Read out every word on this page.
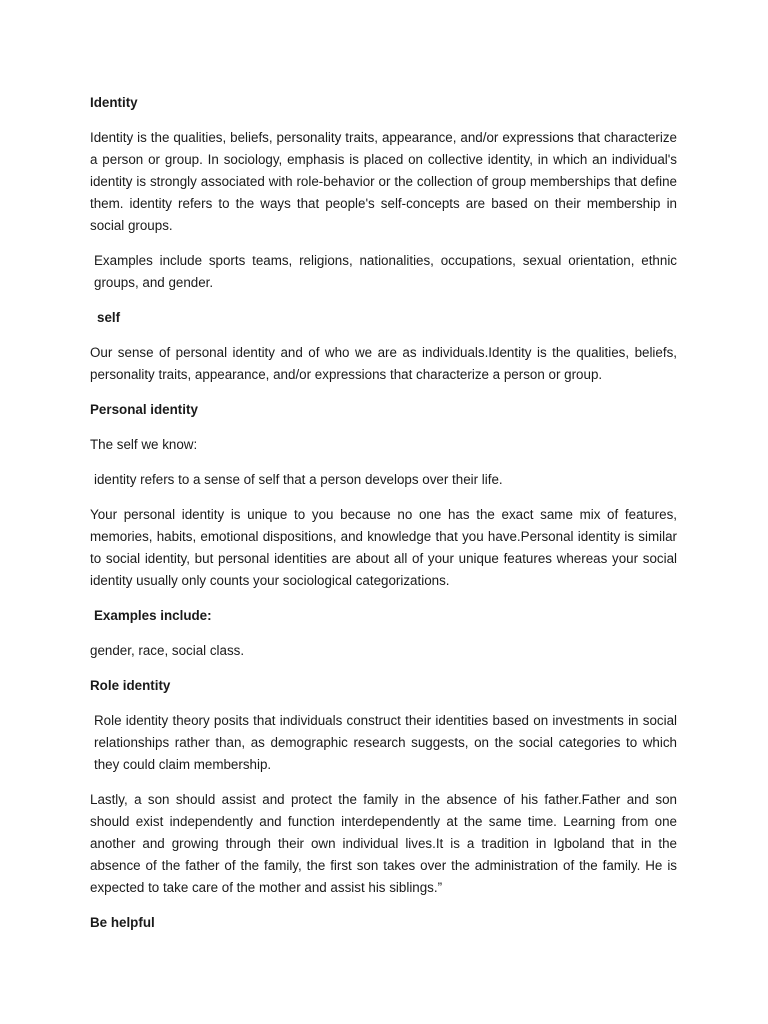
Identity
Identity is the qualities, beliefs, personality traits, appearance, and/or expressions that characterize a person or group. In sociology, emphasis is placed on collective identity, in which an individual's identity is strongly associated with role-behavior or the collection of group memberships that define them. identity refers to the ways that people's self-concepts are based on their membership in social groups.
Examples include sports teams, religions, nationalities, occupations, sexual orientation, ethnic groups, and gender.
self
Our sense of personal identity and of who we are as individuals.Identity is the qualities, beliefs, personality traits, appearance, and/or expressions that characterize a person or group.
Personal identity
The self we know:
identity refers to a sense of self that a person develops over their life.
Your personal identity is unique to you because no one has the exact same mix of features, memories, habits, emotional dispositions, and knowledge that you have.Personal identity is similar to social identity, but personal identities are about all of your unique features whereas your social identity usually only counts your sociological categorizations.
Examples include:
gender, race, social class.
Role identity
Role identity theory posits that individuals construct their identities based on investments in social relationships rather than, as demographic research suggests, on the social categories to which they could claim membership.
Lastly, a son should assist and protect the family in the absence of his father.Father and son should exist independently and function interdependently at the same time. Learning from one another and growing through their own individual lives.It is a tradition in Igboland that in the absence of the father of the family, the first son takes over the administration of the family. He is expected to take care of the mother and assist his siblings.”
Be helpful
